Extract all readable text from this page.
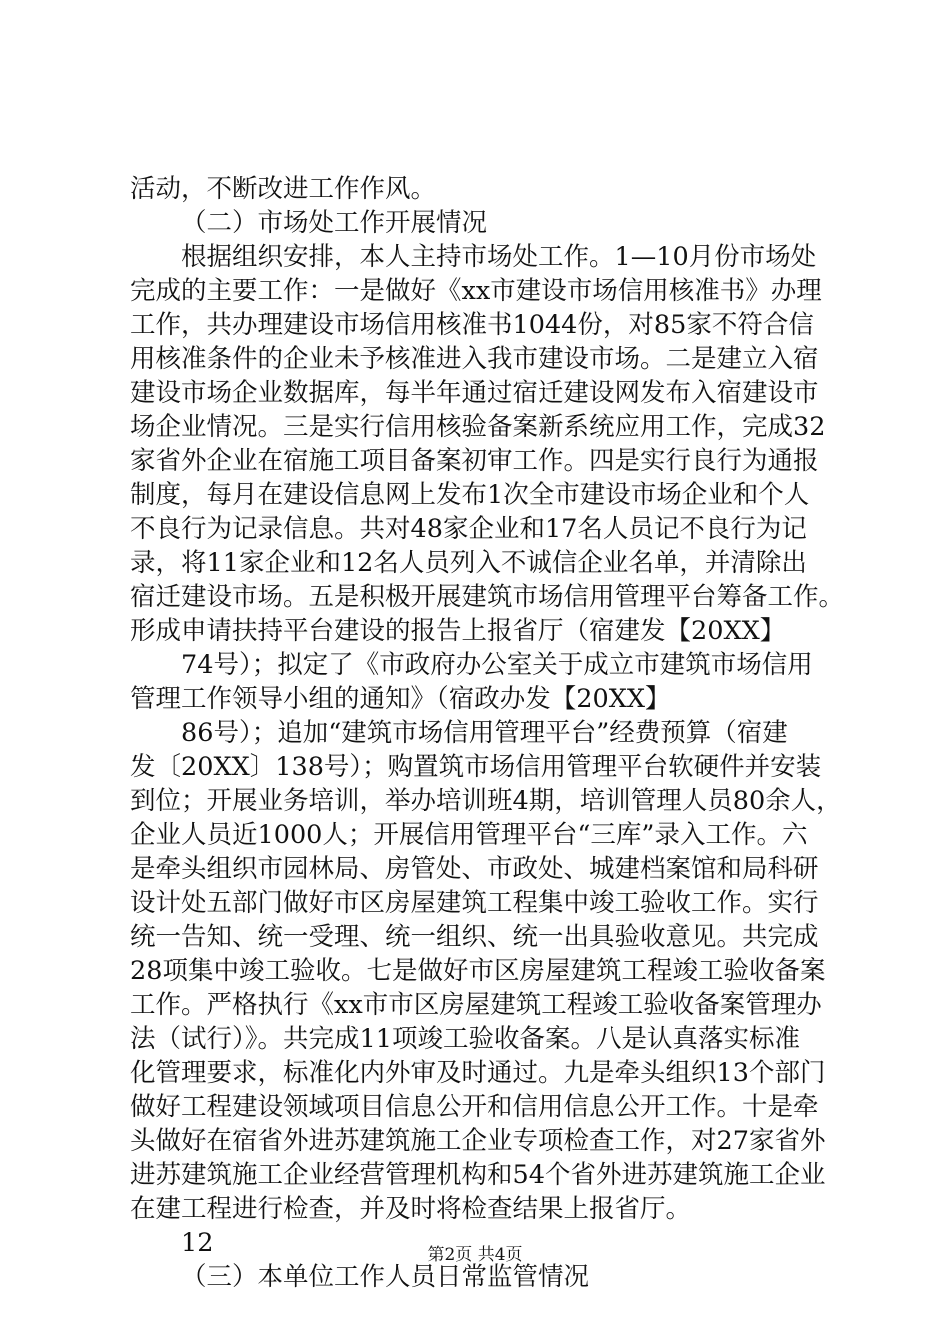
活动，不断改进工作作风。
（二）市场处工作开展情况
根据组织安排，本人主持市场处工作。1—10月份市场处
完成的主要工作：一是做好《xx市建设市场信用核准书》办理
工作，共办理建设市场信用核准书1044份，对85家不符合信
用核准条件的企业未予核准进入我市建设市场。二是建立入宿
建设市场企业数据库，每半年通过宿迁建设网发布入宿建设市
场企业情况。三是实行信用核验备案新系统应用工作，完成32
家省外企业在宿施工项目备案初审工作。四是实行良行为通报
制度，每月在建设信息网上发布1次全市建设市场企业和个人
不良行为记录信息。共对48家企业和17名人员记不良行为记
录，将11家企业和12名人员列入不诚信企业名单，并清除出
宿迁建设市场。五是积极开展建筑市场信用管理平台筹备工作。
形成申请扶持平台建设的报告上报省厅（宿建发【20XX】
74号）；拟定了《市政府办公室关于成立市建筑市场信用
管理工作领导小组的通知》（宿政办发【20XX】
86号）；追加“建筑市场信用管理平台”经费预算（宿建
发〔20XX〕138号）；购置筑市场信用管理平台软硬件并安装
到位；开展业务培训，举办培训班4期，培训管理人员80余人，
企业人员近1000人；开展信用管理平台“三库”录入工作。六
是牵头组织市园林局、房管处、市政处、城建档案馆和局科研
设计处五部门做好市区房屋建筑工程集中竣工验收工作。实行
统一告知、统一受理、统一组织、统一出具验收意见。共完成
28项集中竣工验收。七是做好市区房屋建筑工程竣工验收备案
工作。严格执行《xx市市区房屋建筑工程竣工验收备案管理办
法（试行）》。共完成11项竣工验收备案。八是认真落实标准
化管理要求，标准化内外审及时通过。九是牵头组织13个部门
做好工程建设领域项目信息公开和信用信息公开工作。十是牵
头做好在宿省外进苏建筑施工企业专项检查工作，对27家省外
进苏建筑施工企业经营管理机构和54个省外进苏建筑施工企业
在建工程进行检查，并及时将检查结果上报省厅。
12
（三）本单位工作人员日常监管情况
第2页 共4页
